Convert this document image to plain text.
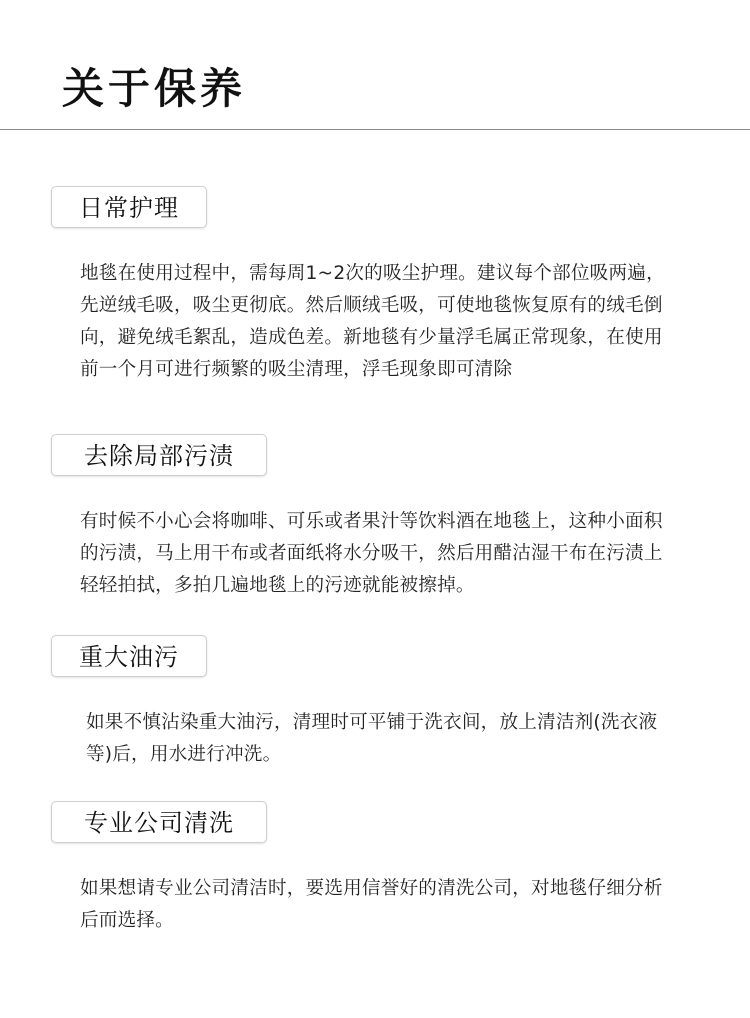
关于保养
日常护理

地毯在使用过程中，需每周1~2次的吸尘护理。建议每个部位吸两遍，先逆绒毛吸，吸尘更彻底。然后顺绒毛吸，可使地毯恢复原有的绒毛倒向，避免绒毛絮乱，造成色差。新地毯有少量浮毛属正常现象，在使用前一个月可进行频繁的吸尘清理，浮毛现象即可清除

去除局部污渍

有时候不小心会将咖啡、可乐或者果汁等饮料酒在地毯上，这种小面积的污渍，马上用干布或者面纸将水分吸干，然后用醋沽湿干布在污渍上轻轻拍拭，多拍几遍地毯上的污迹就能被擦掉。

重大油污

如果不慎沾染重大油污，清理时可平铺于洗衣间，放上清洁剂(洗衣液等)后，用水进行冲洗。

专业公司清洗

如果想请专业公司清洁时，要选用信誉好的清洗公司，对地毯仔细分析后而选择。
